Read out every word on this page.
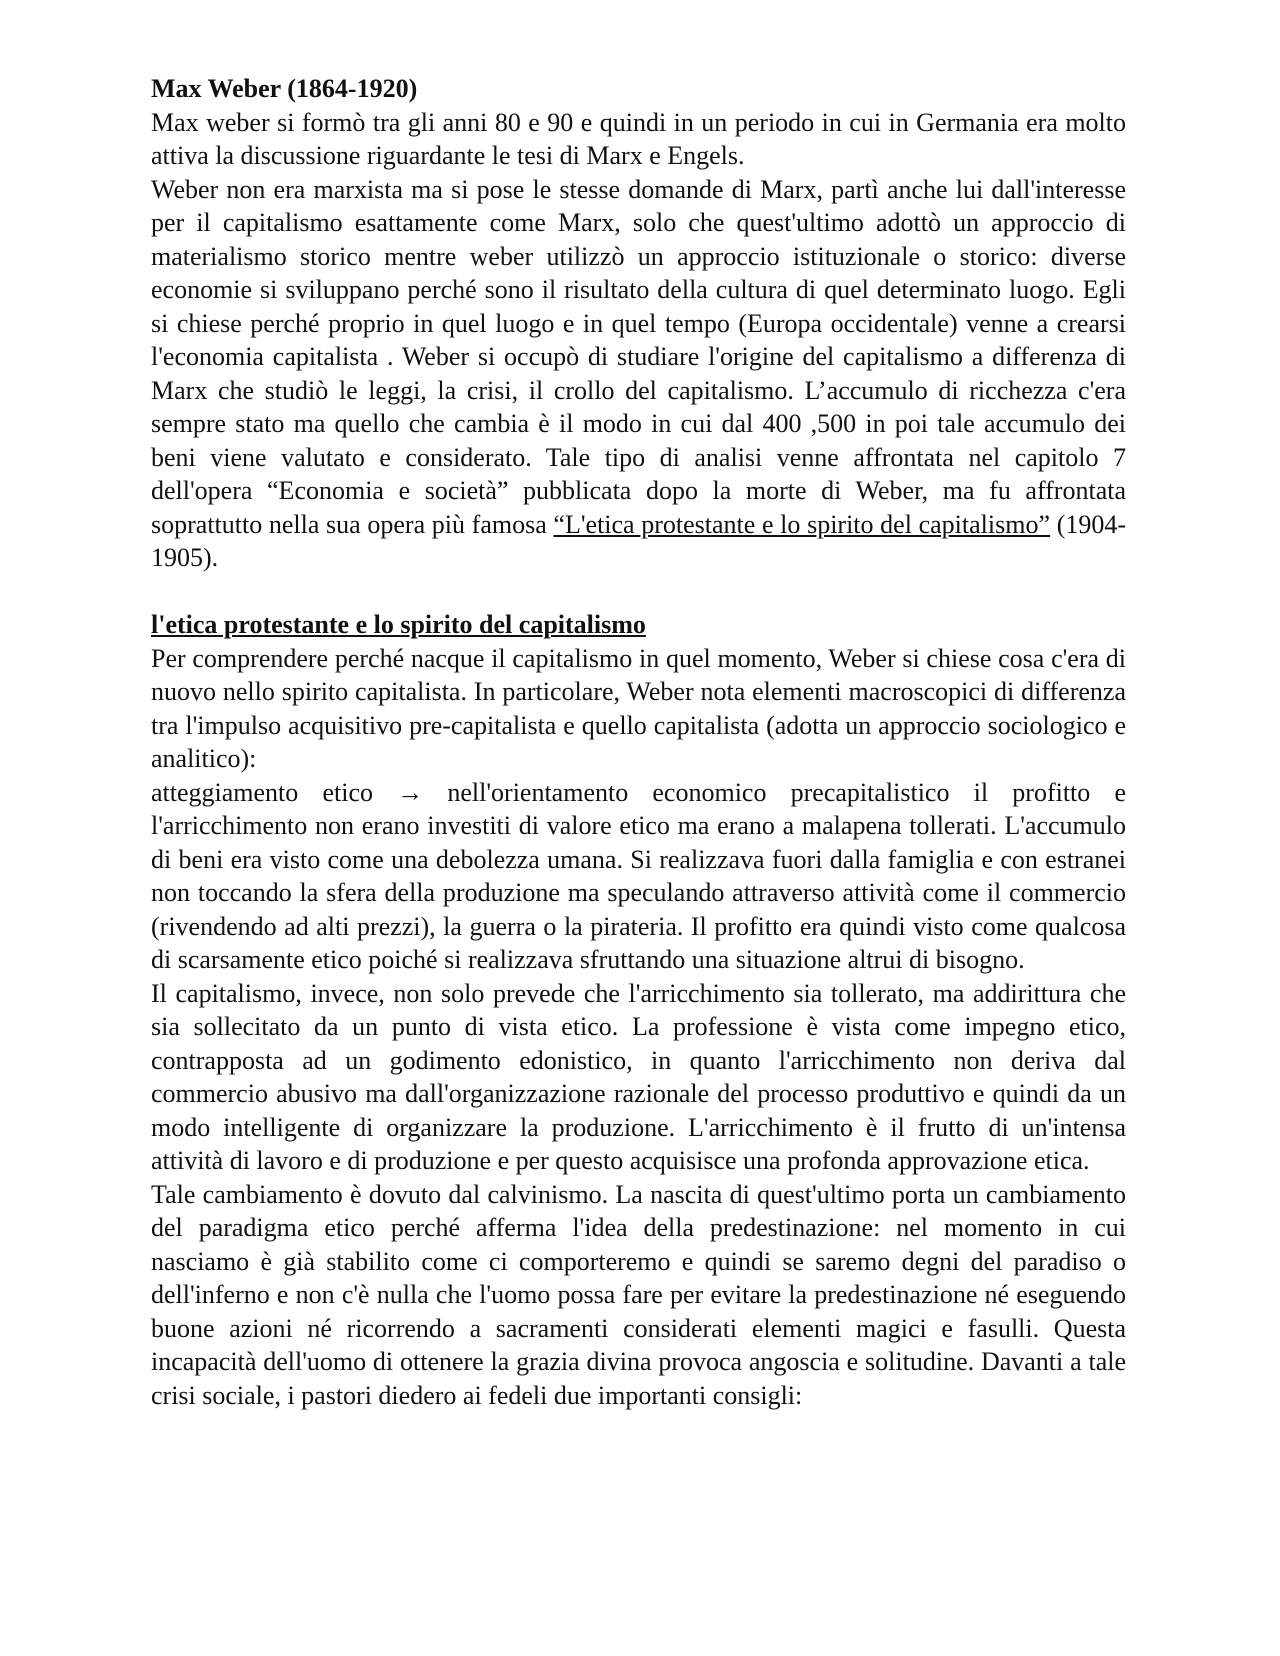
Max Weber (1864-1920)

Max weber si formò tra gli anni 80 e 90 e quindi in un periodo in cui in Germania era molto attiva la discussione riguardante le tesi di Marx e Engels.

Weber non era marxista ma si pose le stesse domande di Marx, partì anche lui dall'interesse per il capitalismo esattamente come Marx, solo che quest'ultimo adottò un approccio di materialismo storico mentre weber utilizzò un approccio istituzionale o storico: diverse economie si sviluppano perché sono il risultato della cultura di quel determinato luogo. Egli si chiese perché proprio in quel luogo e in quel tempo (Europa occidentale) venne a crearsi l'economia capitalista . Weber si occupò di studiare l'origine del capitalismo a differenza di Marx che studiò le leggi, la crisi, il crollo del capitalismo. L’accumulo di ricchezza c'era sempre stato ma quello che cambia è il modo in cui dal 400 ,500 in poi tale accumulo dei beni viene valutato e considerato. Tale tipo di analisi venne affrontata nel capitolo 7 dell'opera “Economia e società” pubblicata dopo la morte di Weber, ma fu affrontata soprattutto nella sua opera più famosa “L'etica protestante e lo spirito del capitalismo” (1904-1905).

l'etica protestante e lo spirito del capitalismo

Per comprendere perché nacque il capitalismo in quel momento, Weber si chiese cosa c'era di nuovo nello spirito capitalista. In particolare, Weber nota elementi macroscopici di differenza tra l'impulso acquisitivo pre-capitalista e quello capitalista (adotta un approccio sociologico e analitico):

atteggiamento etico → nell'orientamento economico precapitalistico il profitto e l'arricchimento non erano investiti di valore etico ma erano a malapena tollerati. L'accumulo di beni era visto come una debolezza umana. Si realizzava fuori dalla famiglia e con estranei non toccando la sfera della produzione ma speculando attraverso attività come il commercio (rivendendo ad alti prezzi), la guerra o la pirateria. Il profitto era quindi visto come qualcosa di scarsamente etico poiché si realizzava sfruttando una situazione altrui di bisogno.

Il capitalismo, invece, non solo prevede che l'arricchimento sia tollerato, ma addirittura che sia sollecitato da un punto di vista etico. La professione è vista come impegno etico, contrapposta ad un godimento edonistico, in quanto l'arricchimento non deriva dal commercio abusivo ma dall'organizzazione razionale del processo produttivo e quindi da un modo intelligente di organizzare la produzione. L'arricchimento è il frutto di un'intensa attività di lavoro e di produzione e per questo acquisisce una profonda approvazione etica.

Tale cambiamento è dovuto dal calvinismo. La nascita di quest'ultimo porta un cambiamento del paradigma etico perché afferma l'idea della predestinazione: nel momento in cui nasciamo è già stabilito come ci comporteremo e quindi se saremo degni del paradiso o dell'inferno e non c'è nulla che l'uomo possa fare per evitare la predestinazione né eseguendo buone azioni né ricorrendo a sacramenti considerati elementi magici e fasulli. Questa incapacità dell'uomo di ottenere la grazia divina provoca angoscia e solitudine. Davanti a tale crisi sociale, i pastori diedero ai fedeli due importanti consigli:
